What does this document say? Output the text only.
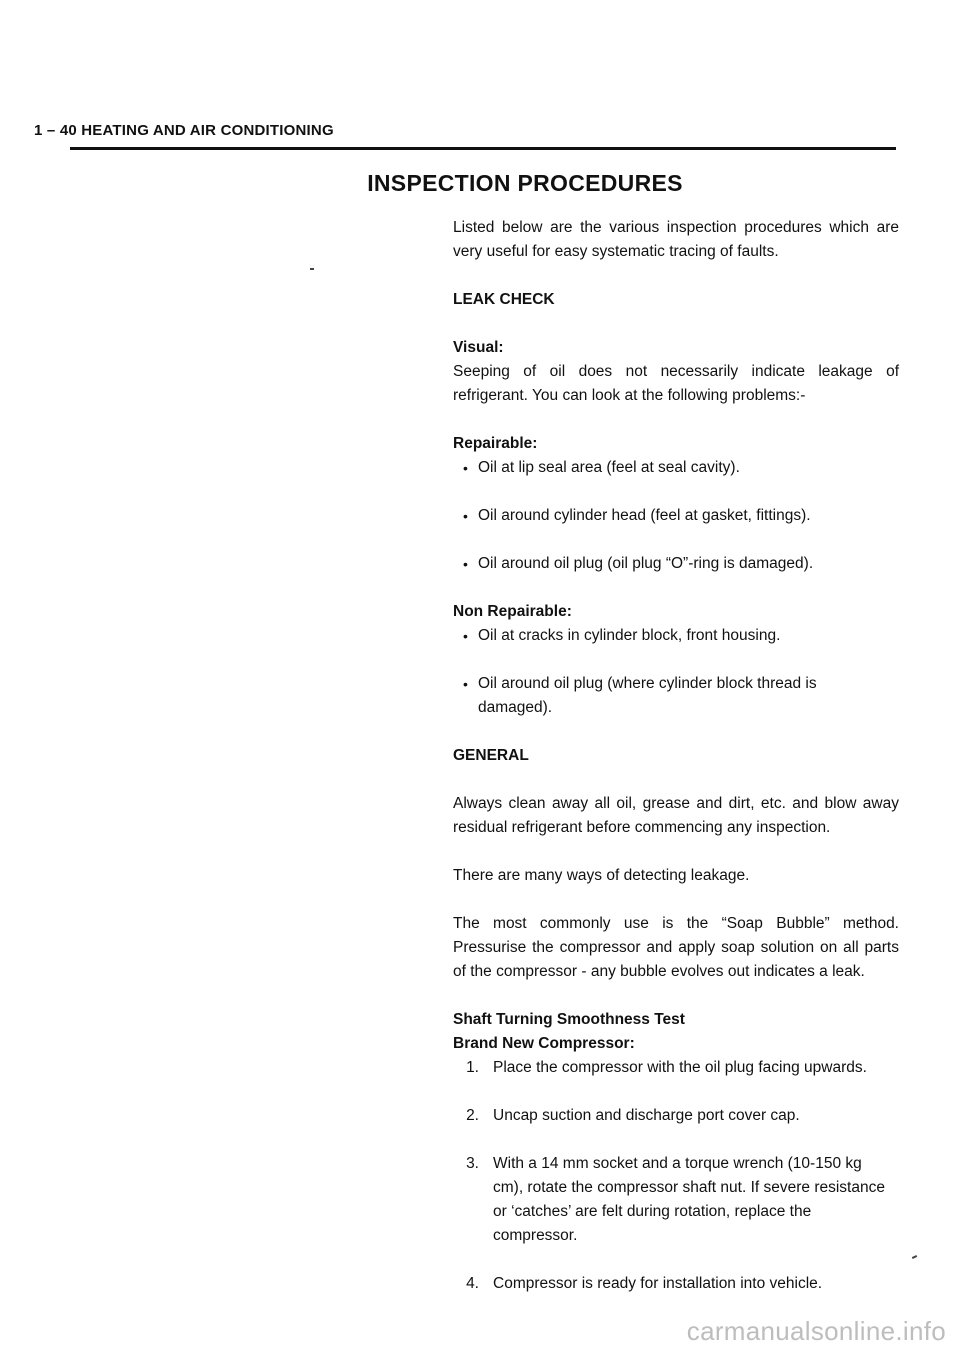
1 – 40 HEATING AND AIR CONDITIONING
INSPECTION PROCEDURES

Listed below are the various inspection procedures which are very useful for easy systematic tracing of faults.

LEAK CHECK

Visual:

Seeping of oil does not necessarily indicate leakage of refrigerant. You can look at the following problems:-

Repairable:

• Oil at lip seal area (feel at seal cavity).
• Oil around cylinder head (feel at gasket, fittings).
• Oil around oil plug (oil plug “O”-ring is damaged).

Non Repairable:

• Oil at cracks in cylinder block, front housing.
• Oil around oil plug (where cylinder block thread is damaged).

GENERAL

Always clean away all oil, grease and dirt, etc. and blow away residual refrigerant before commencing any inspection.

There are many ways of detecting leakage.

The most commonly use is the “Soap Bubble” method. Pressurise the compressor and apply soap solution on all parts of the compressor - any bubble evolves out indicates a leak.

Shaft Turning Smoothness Test

Brand New Compressor:

1. Place the compressor with the oil plug facing upwards.
2. Uncap suction and discharge port cover cap.
3. With a 14 mm socket and a torque wrench (10-150 kg cm), rotate the compressor shaft nut. If severe resistance or ‘catches’ are felt during rotation, replace the compressor.
4. Compressor is ready for installation into vehicle.
carmanualsonline.info
